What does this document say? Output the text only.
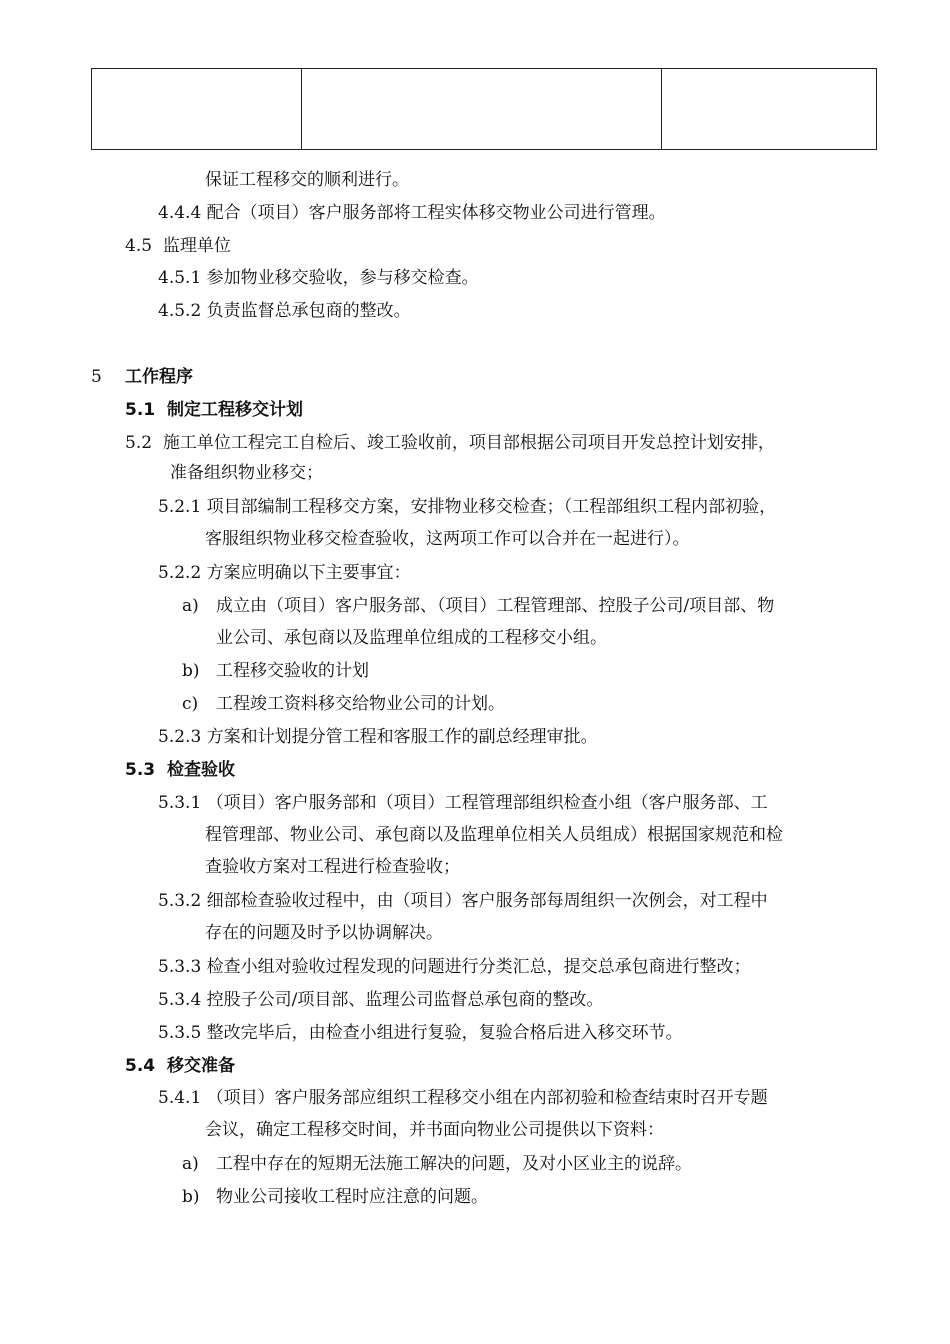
保证工程移交的顺利进行。
4.4.4 配合（项目）客户服务部将工程实体移交物业公司进行管理。
4.5 监理单位
4.5.1 参加物业移交验收，参与移交检查。
4.5.2 负责监督总承包商的整改。
5 工作程序
5.1 制定工程移交计划
5.2 施工单位工程完工自检后、竣工验收前，项目部根据公司项目开发总控计划安排，
准备组织物业移交；
5.2.1 项目部编制工程移交方案，安排物业移交检查；（工程部组织工程内部初验，
客服组织物业移交检查验收，这两项工作可以合并在一起进行）。
5.2.2 方案应明确以下主要事宜：
a) 成立由（项目）客户服务部、（项目）工程管理部、控股子公司/项目部、物
业公司、承包商以及监理单位组成的工程移交小组。
b) 工程移交验收的计划
c) 工程竣工资料移交给物业公司的计划。
5.2.3 方案和计划提分管工程和客服工作的副总经理审批。
5.3 检查验收
5.3.1 （项目）客户服务部和（项目）工程管理部组织检查小组（客户服务部、工
程管理部、物业公司、承包商以及监理单位相关人员组成）根据国家规范和检
查验收方案对工程进行检查验收；
5.3.2 细部检查验收过程中，由（项目）客户服务部每周组织一次例会，对工程中
存在的问题及时予以协调解决。
5.3.3 检查小组对验收过程发现的问题进行分类汇总，提交总承包商进行整改；
5.3.4 控股子公司/项目部、监理公司监督总承包商的整改。
5.3.5 整改完毕后，由检查小组进行复验，复验合格后进入移交环节。
5.4 移交准备
5.4.1 （项目）客户服务部应组织工程移交小组在内部初验和检查结束时召开专题
会议，确定工程移交时间，并书面向物业公司提供以下资料：
a) 工程中存在的短期无法施工解决的问题，及对小区业主的说辞。
b) 物业公司接收工程时应注意的问题。
